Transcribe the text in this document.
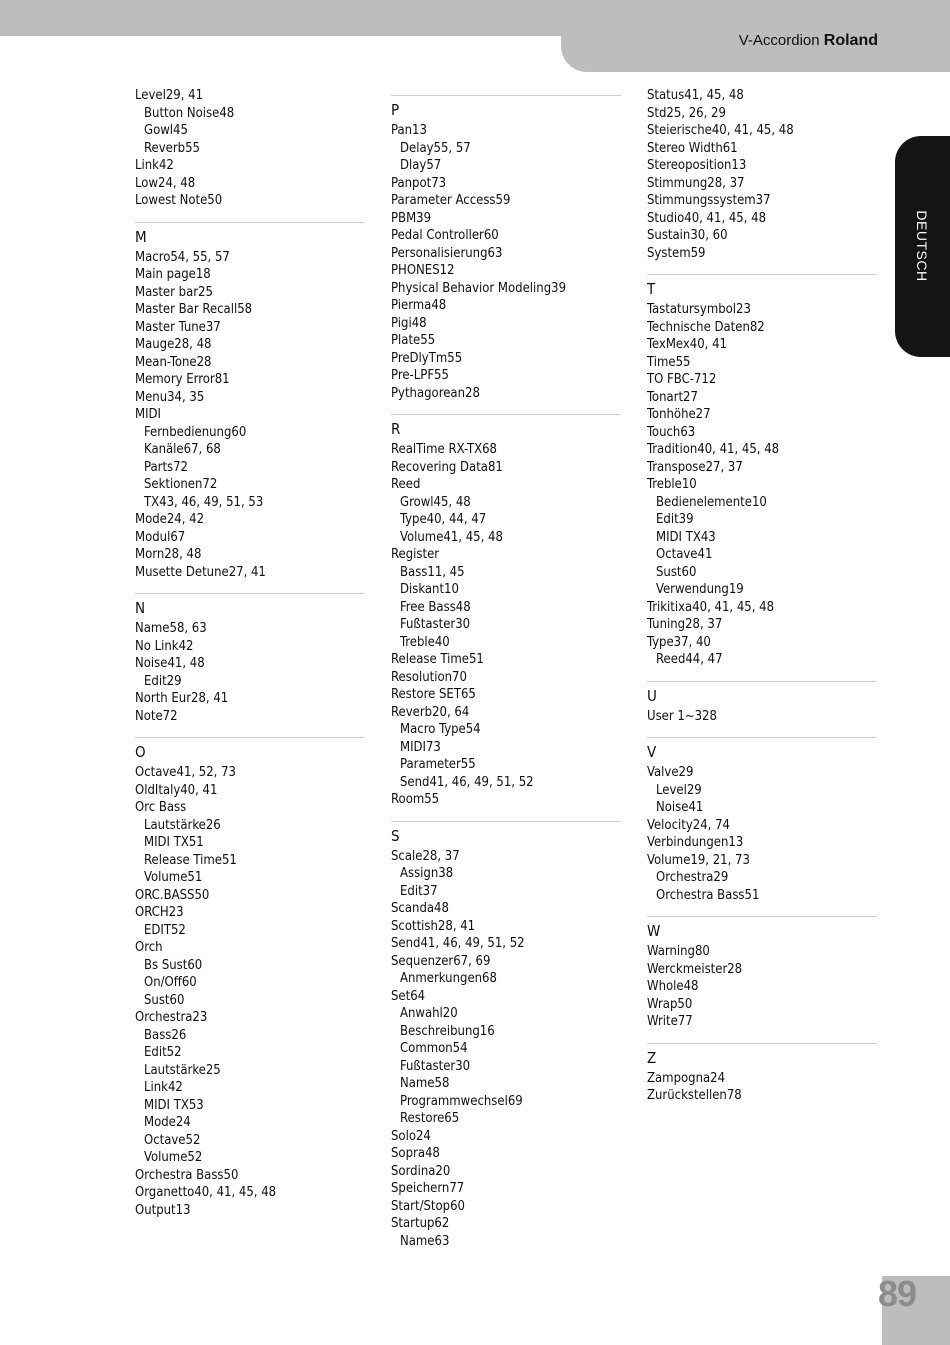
V-Accordion Roland
DEUTSCH
Level29, 41
Button Noise48
Gowl45
Reverb55
Link42
Low24, 48
Lowest Note50
M
Macro54, 55, 57
Main page18
Master bar25
Master Bar Recall58
Master Tune37
Mauge28, 48
Mean-Tone28
Memory Error81
Menu34, 35
MIDI
Fernbedienung60
Kanäle67, 68
Parts72
Sektionen72
TX43, 46, 49, 51, 53
Mode24, 42
Modul67
Morn28, 48
Musette Detune27, 41
N
Name58, 63
No Link42
Noise41, 48
Edit29
North Eur28, 41
Note72
O
Octave41, 52, 73
OldItaly40, 41
Orc Bass
Lautstärke26
MIDI TX51
Release Time51
Volume51
ORC.BASS50
ORCH23
EDIT52
Orch
Bs Sust60
On/Off60
Sust60
Orchestra23
Bass26
Edit52
Lautstärke25
Link42
MIDI TX53
Mode24
Octave52
Volume52
Orchestra Bass50
Organetto40, 41, 45, 48
Output13
P
Pan13
Delay55, 57
Dlay57
Panpot73
Parameter Access59
PBM39
Pedal Controller60
Personalisierung63
PHONES12
Physical Behavior Modeling39
Pierma48
Pigi48
Plate55
PreDlyTm55
Pre-LPF55
Pythagorean28
R
RealTime RX-TX68
Recovering Data81
Reed
Growl45, 48
Type40, 44, 47
Volume41, 45, 48
Register
Bass11, 45
Diskant10
Free Bass48
Fußtaster30
Treble40
Release Time51
Resolution70
Restore SET65
Reverb20, 64
Macro Type54
MIDI73
Parameter55
Send41, 46, 49, 51, 52
Room55
S
Scale28, 37
Assign38
Edit37
Scanda48
Scottish28, 41
Send41, 46, 49, 51, 52
Sequenzer67, 69
Anmerkungen68
Set64
Anwahl20
Beschreibung16
Common54
Fußtaster30
Name58
Programmwechsel69
Restore65
Solo24
Sopra48
Sordina20
Speichern77
Start/Stop60
Startup62
Name63
Status41, 45, 48
Std25, 26, 29
Steierische40, 41, 45, 48
Stereo Width61
Stereoposition13
Stimmung28, 37
Stimmungssystem37
Studio40, 41, 45, 48
Sustain30, 60
System59
T
Tastatursymbol23
Technische Daten82
TexMex40, 41
Time55
TO FBC-712
Tonart27
Tonhöhe27
Touch63
Tradition40, 41, 45, 48
Transpose27, 37
Treble10
Bedienelemente10
Edit39
MIDI TX43
Octave41
Sust60
Verwendung19
Trikitixa40, 41, 45, 48
Tuning28, 37
Type37, 40
Reed44, 47
U
User 1~328
V
Valve29
Level29
Noise41
Velocity24, 74
Verbindungen13
Volume19, 21, 73
Orchestra29
Orchestra Bass51
W
Warning80
Werckmeister28
Whole48
Wrap50
Write77
Z
Zampogna24
Zurückstellen78
89
